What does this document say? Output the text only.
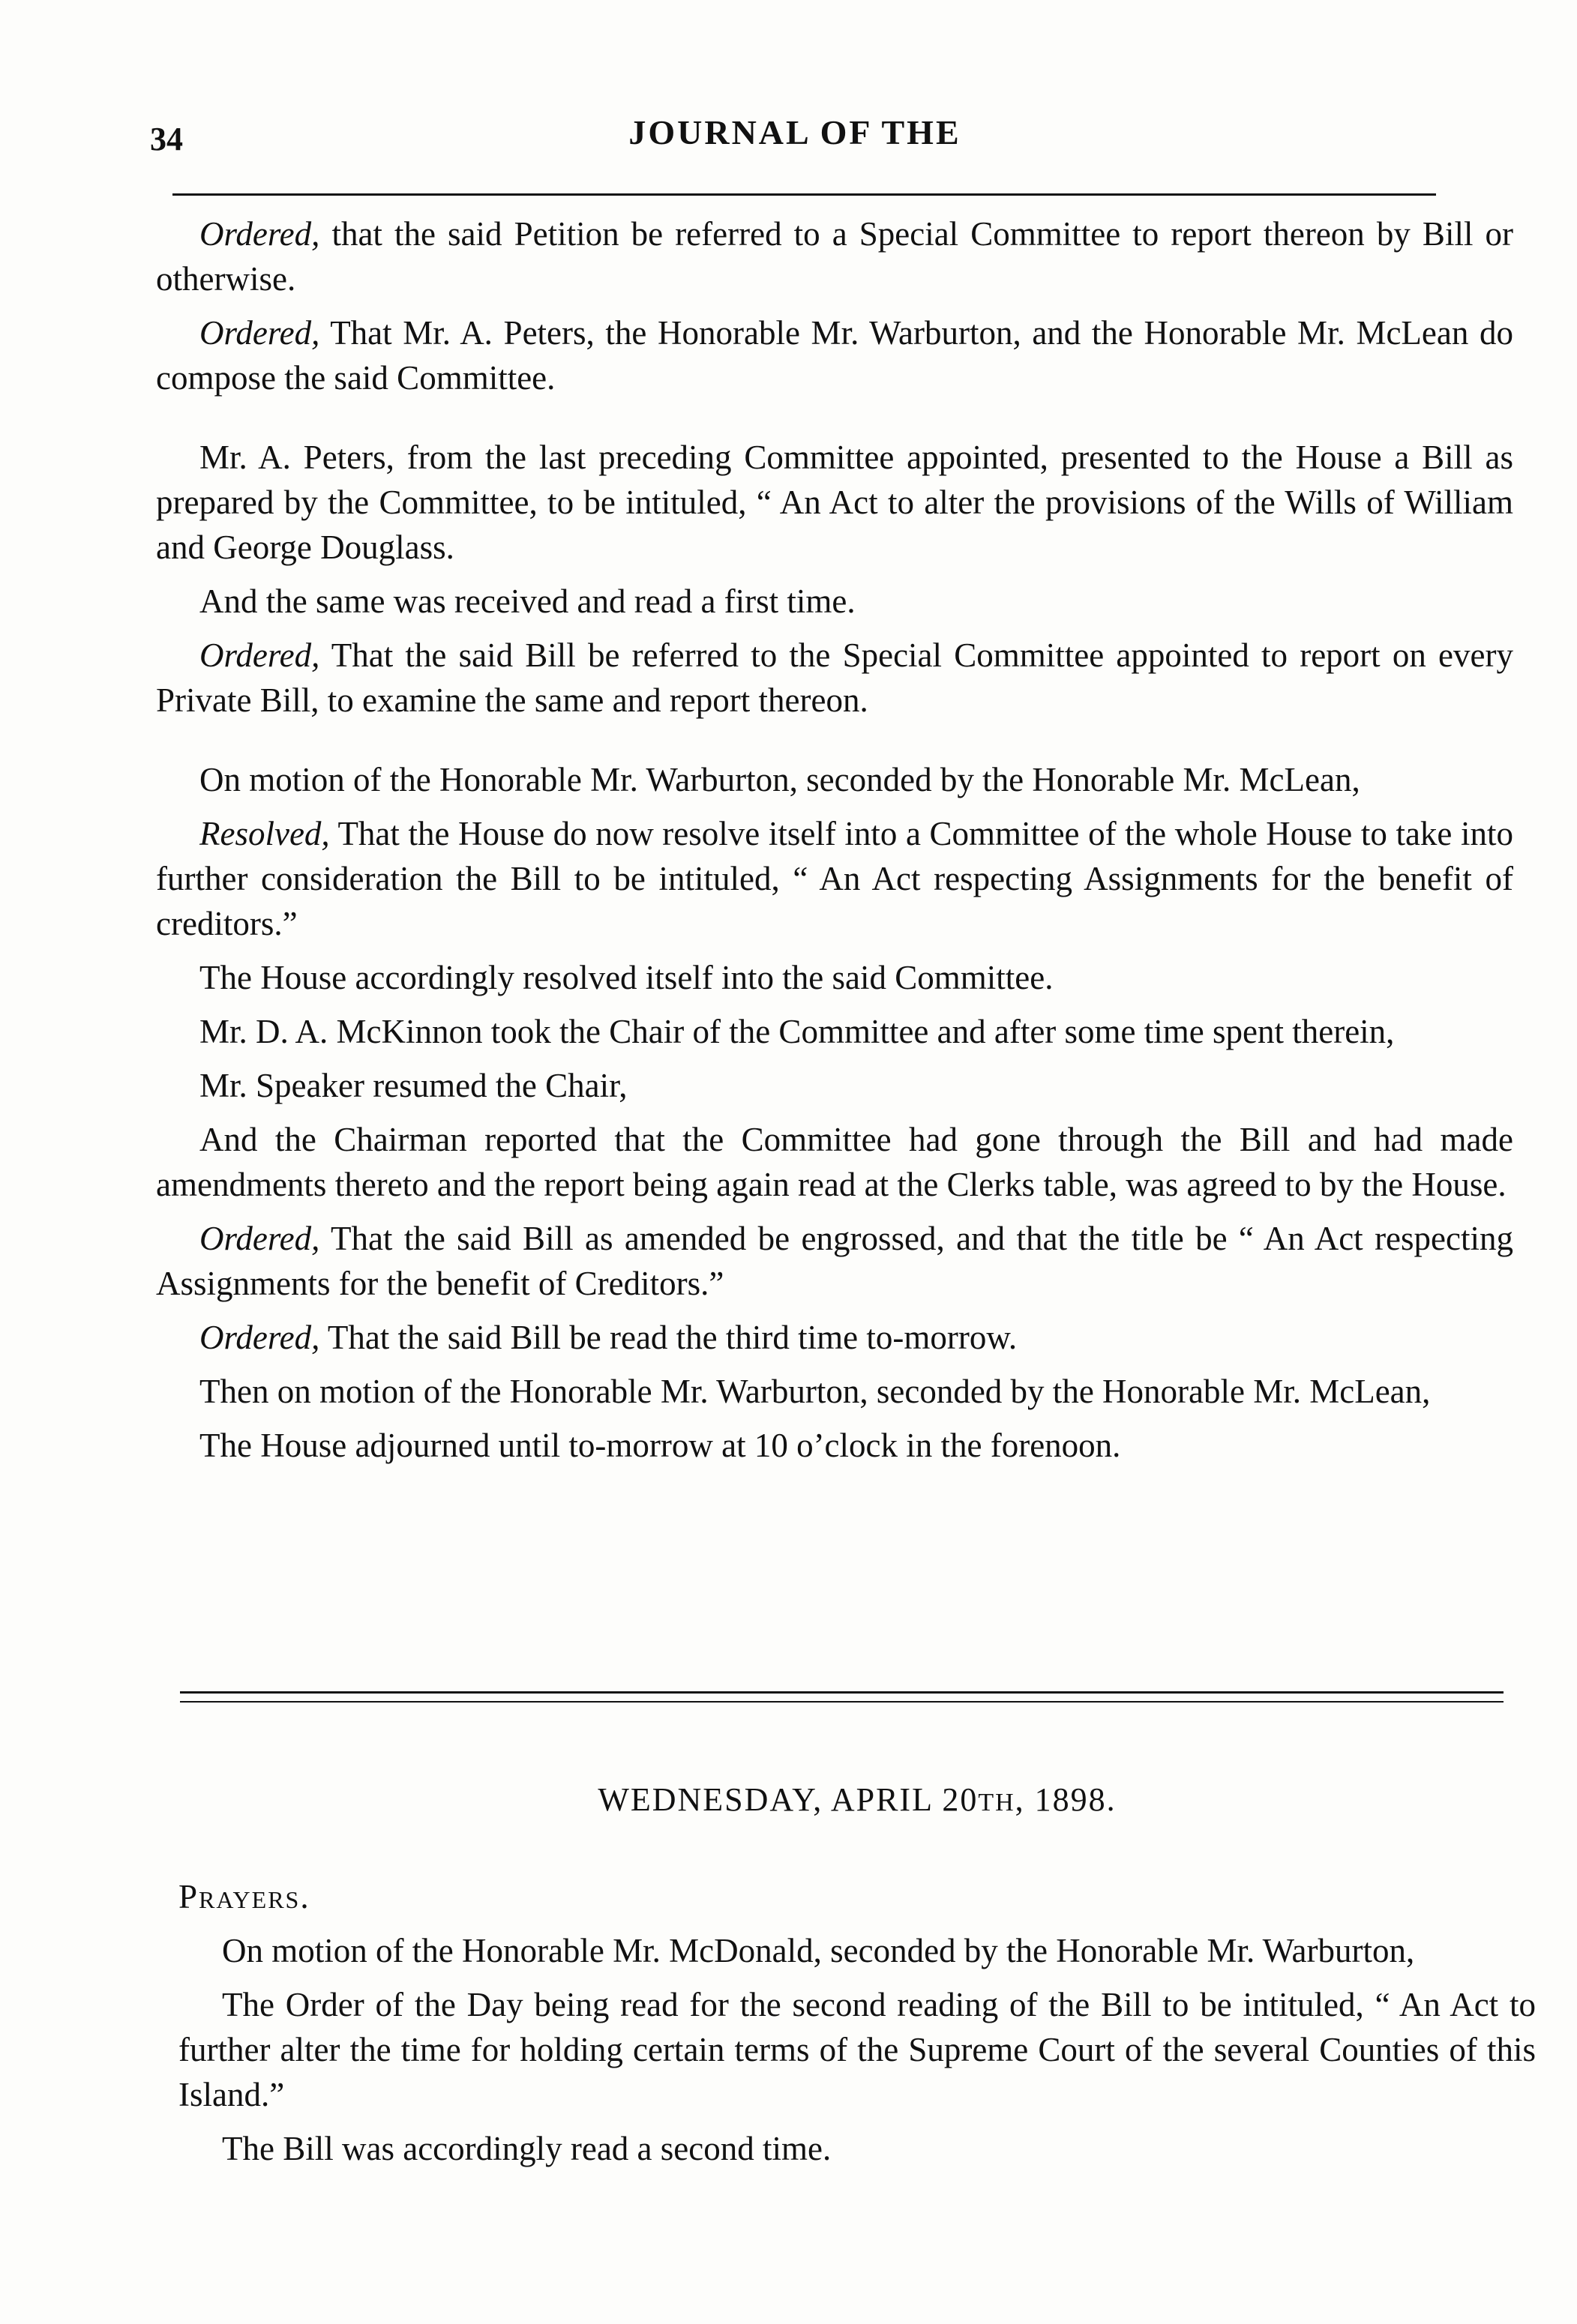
34	JOURNAL OF THE

Ordered, that the said Petition be referred to a Special Committee to report thereon by Bill or otherwise.

Ordered, That Mr. A. Peters, the Honorable Mr. Warburton, and the Honorable Mr. McLean do compose the said Committee.

Mr. A. Peters, from the last preceding Committee appointed, presented to the House a Bill as prepared by the Committee, to be intituled, “ An Act to alter the provisions of the Wills of William and George Douglass.

And the same was received and read a first time.

Ordered, That the said Bill be referred to the Special Committee appointed to report on every Private Bill, to examine the same and report thereon.

On motion of the Honorable Mr. Warburton, seconded by the Honorable Mr. McLean,

Resolved, That the House do now resolve itself into a Committee of the whole House to take into further consideration the Bill to be intituled, “ An Act respecting Assignments for the benefit of creditors.”

The House accordingly resolved itself into the said Committee.

Mr. D. A. McKinnon took the Chair of the Committee and after some time spent therein,

Mr. Speaker resumed the Chair,

And the Chairman reported that the Committee had gone through the Bill and had made amendments thereto and the report being again read at the Clerks table, was agreed to by the House.

Ordered, That the said Bill as amended be engrossed, and that the title be “ An Act respecting Assignments for the benefit of Creditors.”

Ordered, That the said Bill be read the third time to-morrow.

Then on motion of the Honorable Mr. Warburton, seconded by the Honorable Mr. McLean,

The House adjourned until to-morrow at 10 o’clock in the forenoon.

WEDNESDAY, APRIL 20TH, 1898.

Prayers.

On motion of the Honorable Mr. McDonald, seconded by the Honorable Mr. Warburton,

The Order of the Day being read for the second reading of the Bill to be intituled, “ An Act to further alter the time for holding certain terms of the Supreme Court of the several Counties of this Island.”

The Bill was accordingly read a second time.
